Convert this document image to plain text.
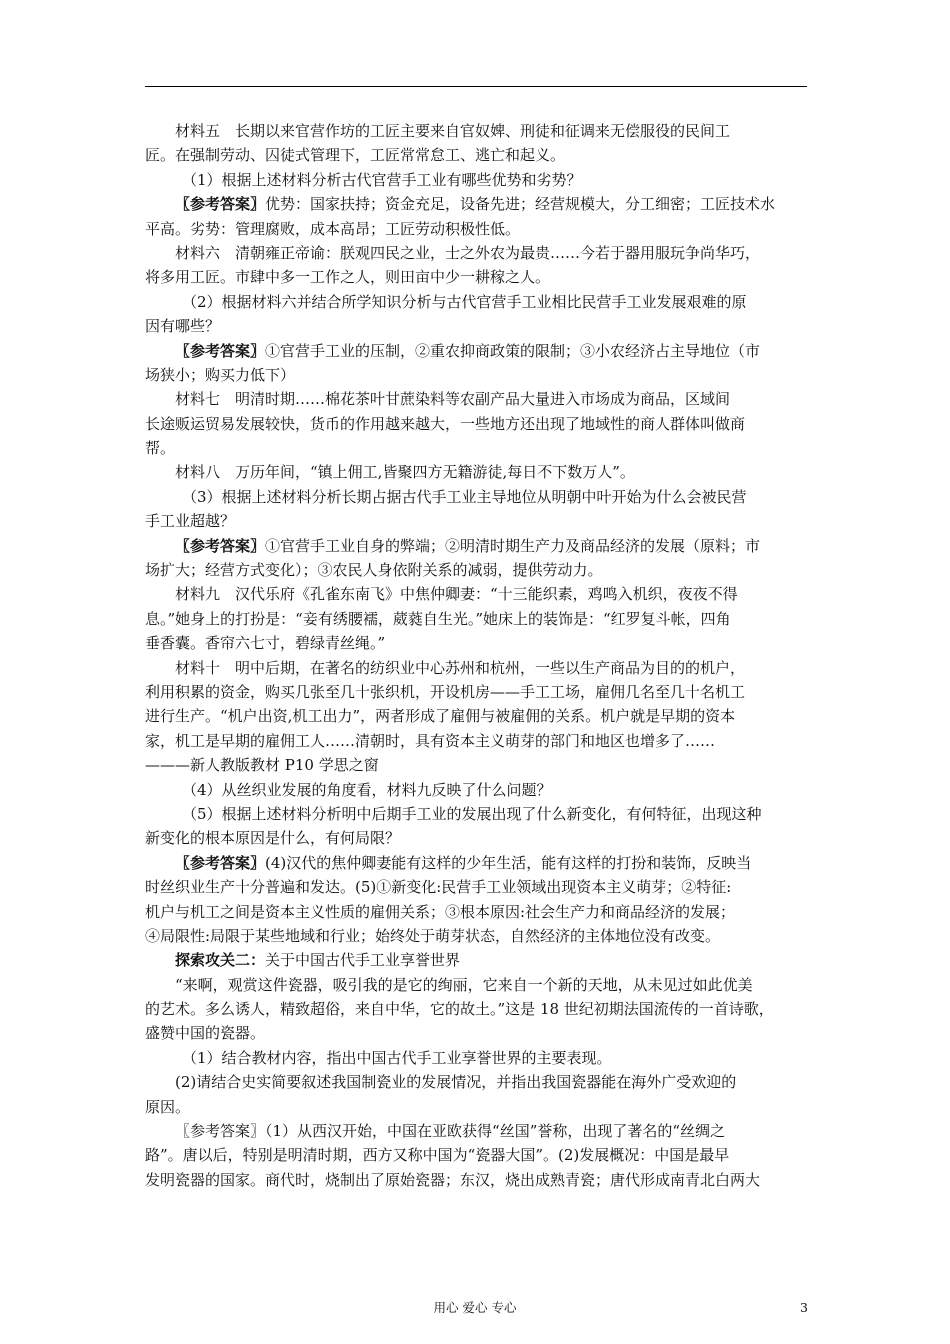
材料五　长期以来官营作坊的工匠主要来自官奴婢、刑徒和征调来无偿服役的民间工
匠。在强制劳动、囚徒式管理下，工匠常常怠工、逃亡和起义。
（1）根据上述材料分析古代官营手工业有哪些优势和劣势？
〖参考答案〗优势：国家扶持；资金充足，设备先进；经营规模大，分工细密；工匠技术水
平高。劣势：管理腐败，成本高昂；工匠劳动积极性低。
材料六　清朝雍正帝谕：朕观四民之业，士之外农为最贵……今若于器用服玩争尚华巧，
将多用工匠。市肆中多一工作之人，则田亩中少一耕稼之人。
（2）根据材料六并结合所学知识分析与古代官营手工业相比民营手工业发展艰难的原
因有哪些？
〖参考答案〗①官营手工业的压制，②重农抑商政策的限制；③小农经济占主导地位（市
场狭小；购买力低下）
材料七　明清时期……棉花茶叶甘蔗染料等农副产品大量进入市场成为商品，区域间
长途贩运贸易发展较快，货币的作用越来越大，一些地方还出现了地域性的商人群体叫做商
帮。
材料八　万历年间，“镇上佣工,皆聚四方无籍游徒,每日不下数万人”。
（3）根据上述材料分析长期占据古代手工业主导地位从明朝中叶开始为什么会被民营
手工业超越？
〖参考答案〗①官营手工业自身的弊端；②明清时期生产力及商品经济的发展（原料；市
场扩大；经营方式变化）；③农民人身依附关系的减弱，提供劳动力。
材料九　汉代乐府《孔雀东南飞》中焦仲卿妻：“十三能织素，鸡鸣入机织，夜夜不得
息。”她身上的打扮是：“妾有绣腰襦，葳蕤自生光。”她床上的装饰是：“红罗复斗帐，四角
垂香囊。香帘六七寸，碧绿青丝绳。”
材料十　明中后期，在著名的纺织业中心苏州和杭州，一些以生产商品为目的的机户，
利用积累的资金，购买几张至几十张织机，开设机房——手工工场，雇佣几名至几十名机工
进行生产。“机户出资,机工出力”，两者形成了雇佣与被雇佣的关系。机户就是早期的资本
家，机工是早期的雇佣工人……清朝时，具有资本主义萌芽的部门和地区也增多了……
———新人教版教材 P10 学思之窗
（4）从丝织业发展的角度看，材料九反映了什么问题？
（5）根据上述材料分析明中后期手工业的发展出现了什么新变化，有何特征，出现这种
新变化的根本原因是什么，有何局限？
〖参考答案〗(4)汉代的焦仲卿妻能有这样的少年生活，能有这样的打扮和装饰，反映当
时丝织业生产十分普遍和发达。(5)①新变化:民营手工业领域出现资本主义萌芽；②特征:
机户与机工之间是资本主义性质的雇佣关系；③根本原因:社会生产力和商品经济的发展；
④局限性:局限于某些地域和行业；始终处于萌芽状态，自然经济的主体地位没有改变。
探索攻关二：关于中国古代手工业享誉世界
“来啊，观赏这件瓷器，吸引我的是它的绚丽，它来自一个新的天地，从未见过如此优美
的艺术。多么诱人，精致超俗，来自中华，它的故土。”这是 18 世纪初期法国流传的一首诗歌，
盛赞中国的瓷器。
（1）结合教材内容，指出中国古代手工业享誉世界的主要表现。
(2)请结合史实简要叙述我国制瓷业的发展情况，并指出我国瓷器能在海外广受欢迎的
原因。
〖参考答案〗（1）从西汉开始，中国在亚欧获得“丝国”誉称，出现了著名的“丝绸之
路”。唐以后，特别是明清时期，西方又称中国为“瓷器大国”。(2)发展概况：中国是最早
发明瓷器的国家。商代时，烧制出了原始瓷器；东汉，烧出成熟青瓷；唐代形成南青北白两大
用心 爱心 专心	3
